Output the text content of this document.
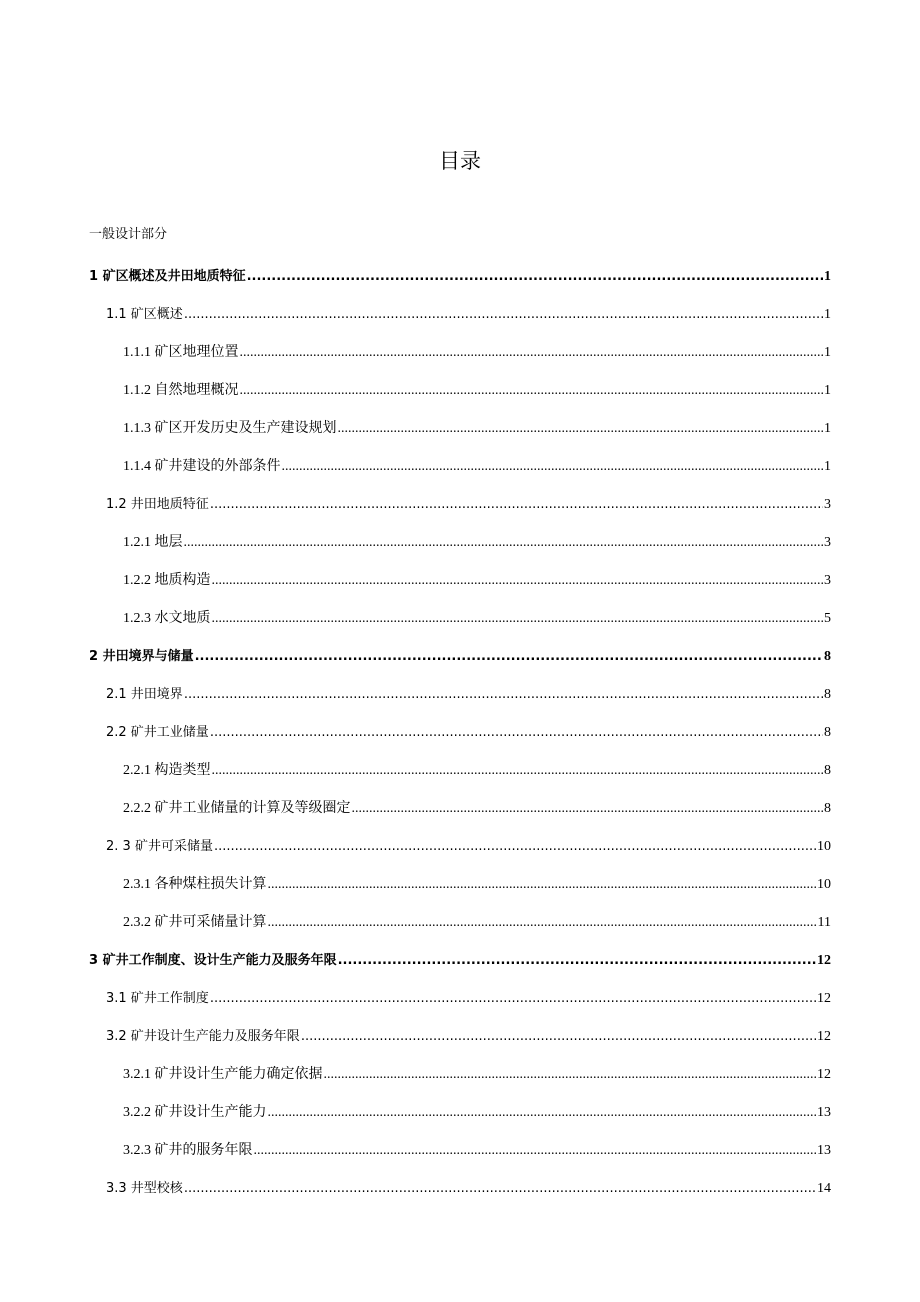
目录
一般设计部分
1 矿区概述及井田地质特征 .....	1
1.1 矿区概述 .....	1
1.1.1 矿区地理位置 .....	1
1.1.2 自然地理概况 .....	1
1.1.3 矿区开发历史及生产建设规划 .....	1
1.1.4 矿井建设的外部条件 .....	1
1.2 井田地质特征 .....	3
1.2.1 地层 .....	3
1.2.2 地质构造 .....	3
1.2.3 水文地质 .....	5
2 井田境界与储量 .....	8
2.1 井田境界 .....	8
2.2 矿井工业储量 .....	8
2.2.1 构造类型 .....	8
2.2.2 矿井工业储量的计算及等级圈定 .....	8
2. 3 矿井可采储量 .....	10
2.3.1 各种煤柱损失计算 .....	10
2.3.2 矿井可采储量计算 .....	11
3 矿井工作制度、设计生产能力及服务年限 .....	12
3.1 矿井工作制度 .....	12
3.2 矿井设计生产能力及服务年限 .....	12
3.2.1 矿井设计生产能力确定依据 .....	12
3.2.2 矿井设计生产能力 .....	13
3.2.3 矿井的服务年限 .....	13
3.3 井型校核 .....	14
